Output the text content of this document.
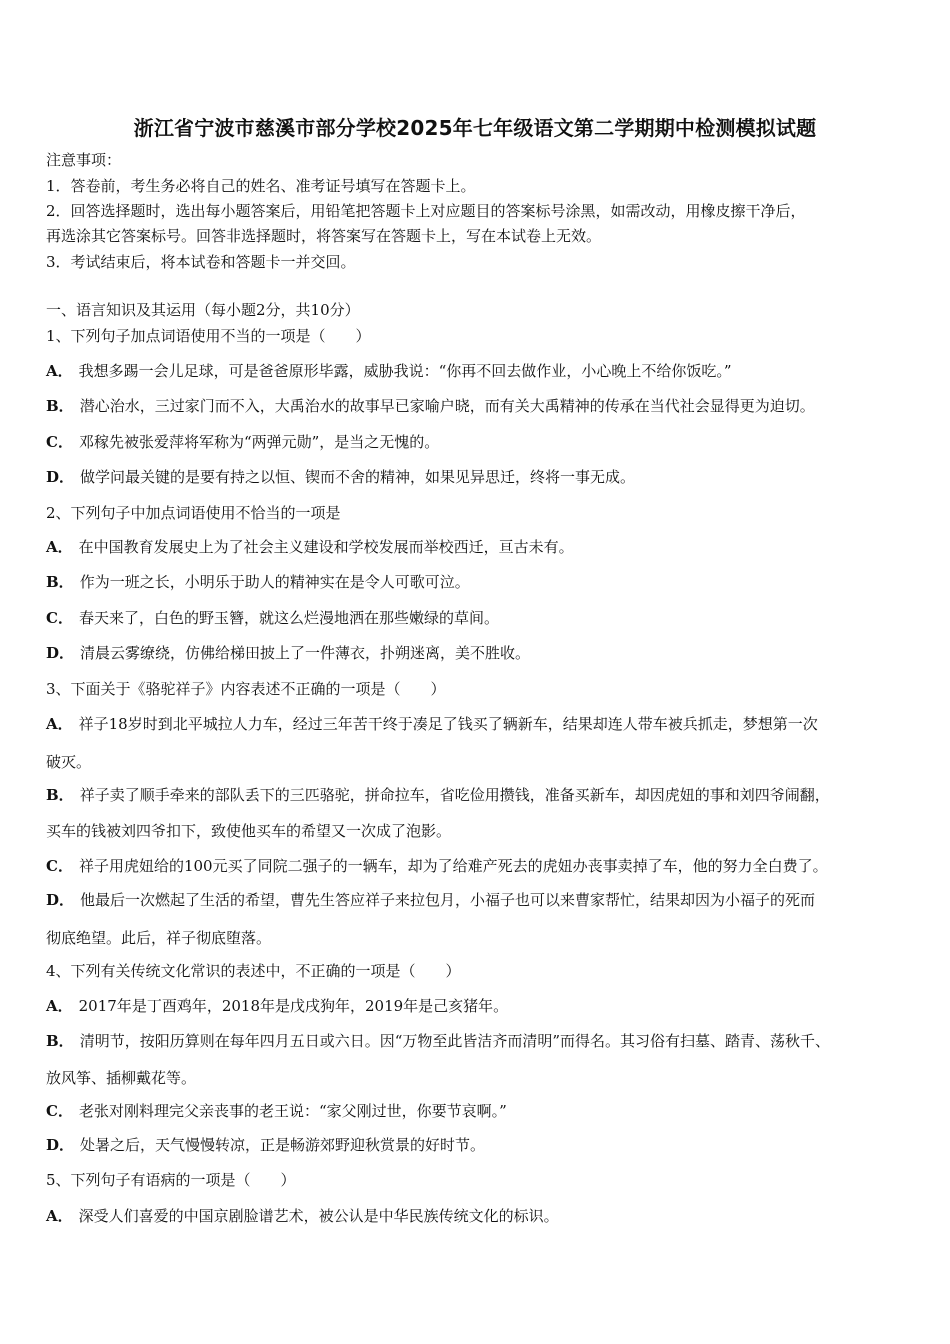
浙江省宁波市慈溪市部分学校2025年七年级语文第二学期期中检测模拟试题
注意事项：
1．答卷前，考生务必将自己的姓名、准考证号填写在答题卡上。
2．回答选择题时，选出每小题答案后，用铅笔把答题卡上对应题目的答案标号涂黑，如需改动，用橡皮擦干净后，
再选涂其它答案标号。回答非选择题时，将答案写在答题卡上，写在本试卷上无效。
3．考试结束后，将本试卷和答题卡一并交回。
一、语言知识及其运用（每小题2分，共10分）
1、下列句子加点词语使用不当的一项是（　　）
A． 我想多踢一会儿足球，可是爸爸原形毕露，威胁我说：“你再不回去做作业，小心晚上不给你饭吃。”
B． 潜心治水，三过家门而不入，大禹治水的故事早已家喻户晓，而有关大禹精神的传承在当代社会显得更为迫切。
C． 邓稼先被张爱萍将军称为“两弹元勋”，是当之无愧的。
D． 做学问最关键的是要有持之以恒、锲而不舍的精神，如果见异思迁，终将一事无成。
2、下列句子中加点词语使用不恰当的一项是
A． 在中国教育发展史上为了社会主义建设和学校发展而举校西迁，亘古未有。
B． 作为一班之长，小明乐于助人的精神实在是令人可歌可泣。
C． 春天来了，白色的野玉簪，就这么烂漫地洒在那些嫩绿的草间。
D． 清晨云雾缭绕，仿佛给梯田披上了一件薄衣，扑朔迷离，美不胜收。
3、下面关于《骆驼祥子》内容表述不正确的一项是（　　）
A． 祥子18岁时到北平城拉人力车，经过三年苦干终于凑足了钱买了辆新车，结果却连人带车被兵抓走，梦想第一次
破灭。
B． 祥子卖了顺手牵来的部队丢下的三匹骆驼，拼命拉车，省吃俭用攒钱，准备买新车，却因虎妞的事和刘四爷闹翻，
买车的钱被刘四爷扣下，致使他买车的希望又一次成了泡影。
C． 祥子用虎妞给的100元买了同院二强子的一辆车，却为了给难产死去的虎妞办丧事卖掉了车，他的努力全白费了。
D． 他最后一次燃起了生活的希望，曹先生答应祥子来拉包月，小福子也可以来曹家帮忙，结果却因为小福子的死而
彻底绝望。此后，祥子彻底堕落。
4、下列有关传统文化常识的表述中，不正确的一项是（　　）
A． 2017年是丁酉鸡年，2018年是戊戌狗年，2019年是己亥猪年。
B． 清明节，按阳历算则在每年四月五日或六日。因“万物至此皆洁齐而清明”而得名。其习俗有扫墓、踏青、荡秋千、
放风筝、插柳戴花等。
C． 老张对刚料理完父亲丧事的老王说：“家父刚过世，你要节哀啊。”
D． 处暑之后，天气慢慢转凉，正是畅游郊野迎秋赏景的好时节。
5、下列句子有语病的一项是（　　）
A． 深受人们喜爱的中国京剧脸谱艺术，被公认是中华民族传统文化的标识。
